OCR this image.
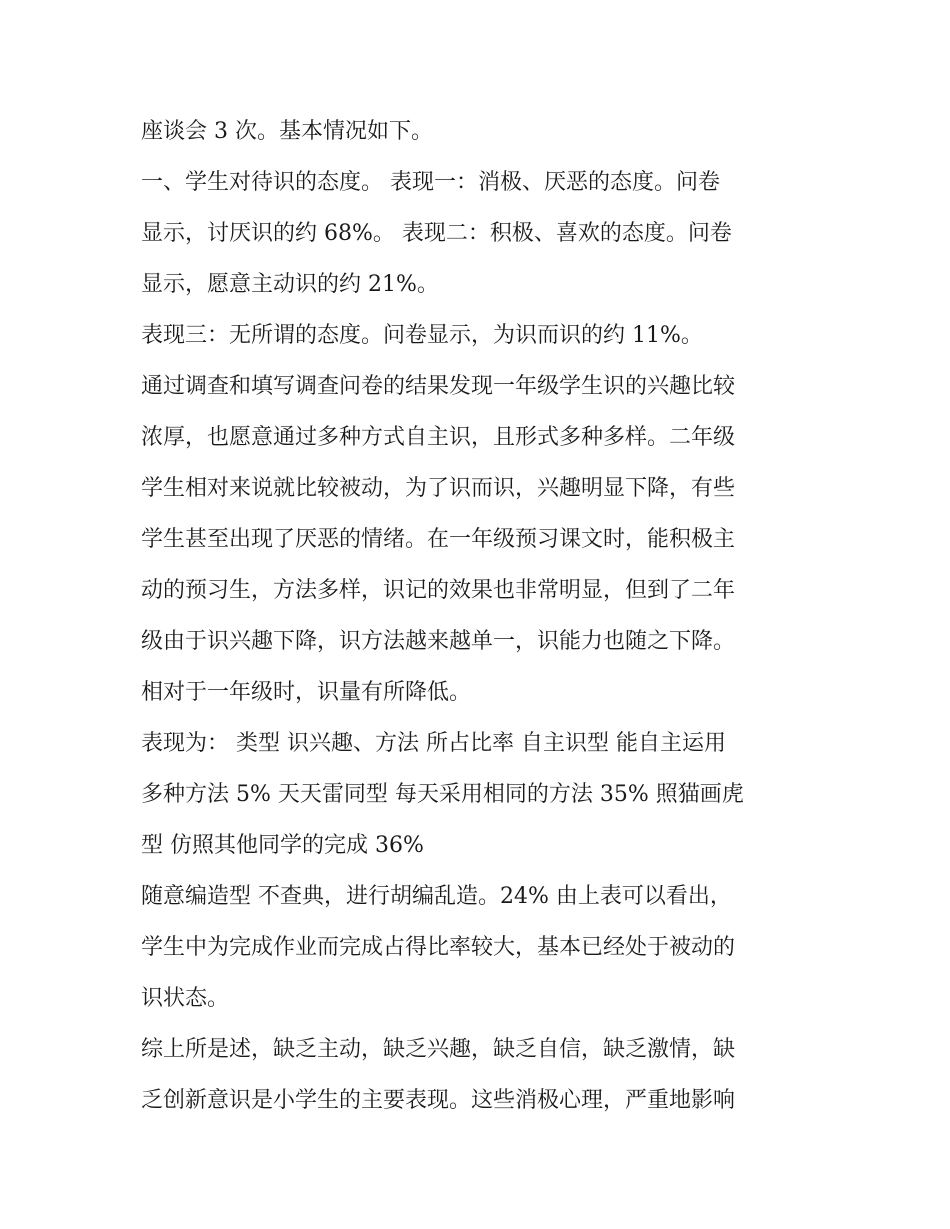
座谈会 3 次。基本情况如下。
一、学生对待识的态度。 表现一：消极、厌恶的态度。问卷
显示，讨厌识的约 68%。 表现二：积极、喜欢的态度。问卷
显示，愿意主动识的约 21%。
表现三：无所谓的态度。问卷显示，为识而识的约 11%。
通过调查和填写调查问卷的结果发现一年级学生识的兴趣比较
浓厚，也愿意通过多种方式自主识，且形式多种多样。二年级
学生相对来说就比较被动，为了识而识，兴趣明显下降，有些
学生甚至出现了厌恶的情绪。在一年级预习课文时，能积极主
动的预习生，方法多样，识记的效果也非常明显，但到了二年
级由于识兴趣下降，识方法越来越单一，识能力也随之下降。
相对于一年级时，识量有所降低。
表现为： 类型 识兴趣、方法 所占比率 自主识型 能自主运用
多种方法 5% 天天雷同型 每天采用相同的方法 35% 照猫画虎
型 仿照其他同学的完成 36%
随意编造型 不查典，进行胡编乱造。24% 由上表可以看出，
学生中为完成作业而完成占得比率较大，基本已经处于被动的
识状态。
综上所是述，缺乏主动，缺乏兴趣，缺乏自信，缺乏激情，缺
乏创新意识是小学生的主要表现。这些消极心理，严重地影响
